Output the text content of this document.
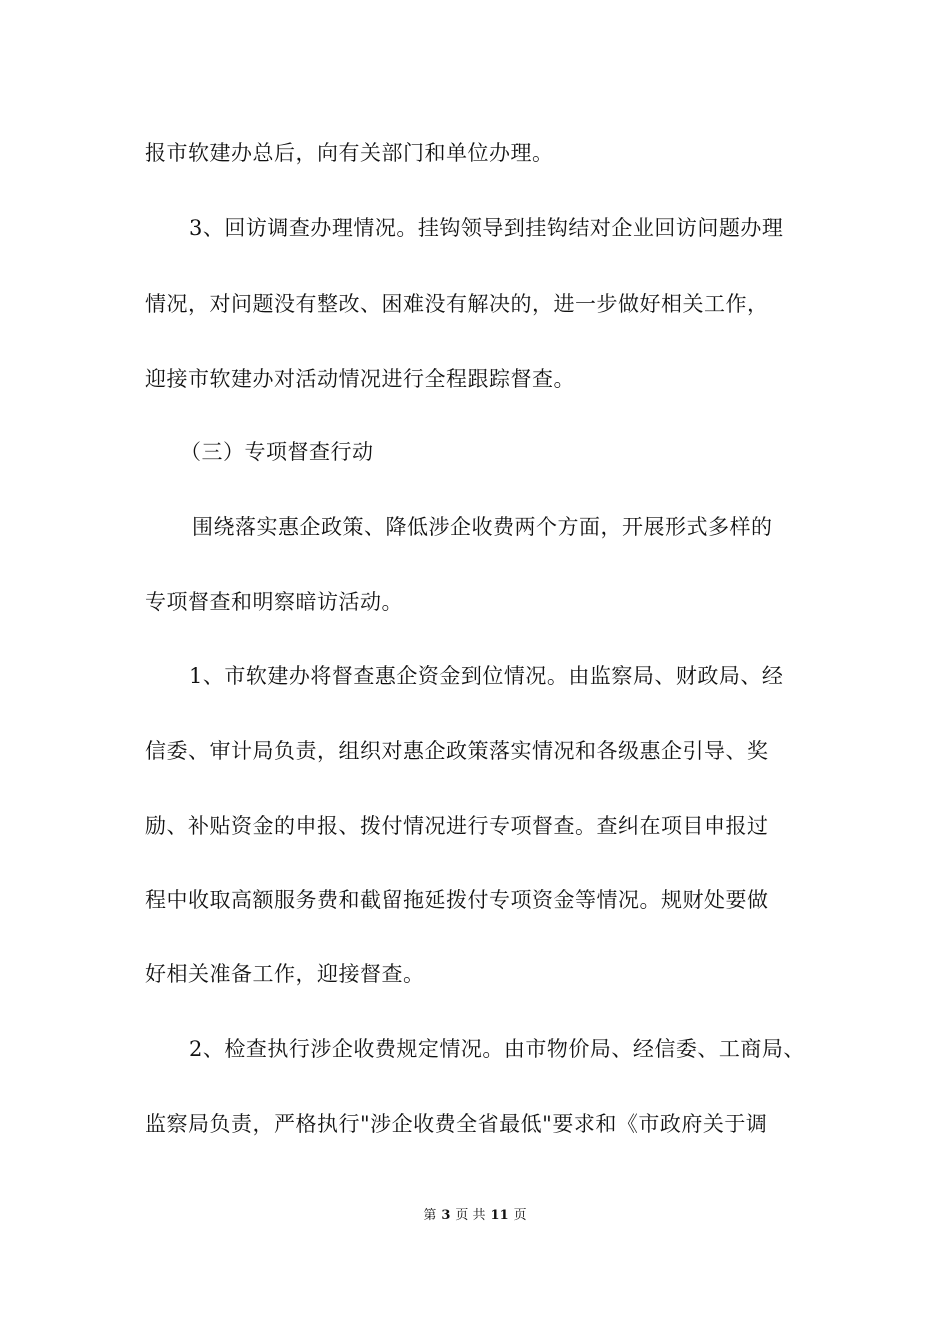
报市软建办总后，向有关部门和单位办理。
3、回访调查办理情况。挂钩领导到挂钩结对企业回访问题办理
情况，对问题没有整改、困难没有解决的，进一步做好相关工作，
迎接市软建办对活动情况进行全程跟踪督查。
（三）专项督查行动
围绕落实惠企政策、降低涉企收费两个方面，开展形式多样的
专项督查和明察暗访活动。
1、市软建办将督查惠企资金到位情况。由监察局、财政局、经
信委、审计局负责，组织对惠企政策落实情况和各级惠企引导、奖
励、补贴资金的申报、拨付情况进行专项督查。查纠在项目申报过
程中收取高额服务费和截留拖延拨付专项资金等情况。规财处要做
好相关准备工作，迎接督查。
2、检查执行涉企收费规定情况。由市物价局、经信委、工商局、
监察局负责，严格执行"涉企收费全省最低"要求和《市政府关于调
第 3 页 共 11 页
